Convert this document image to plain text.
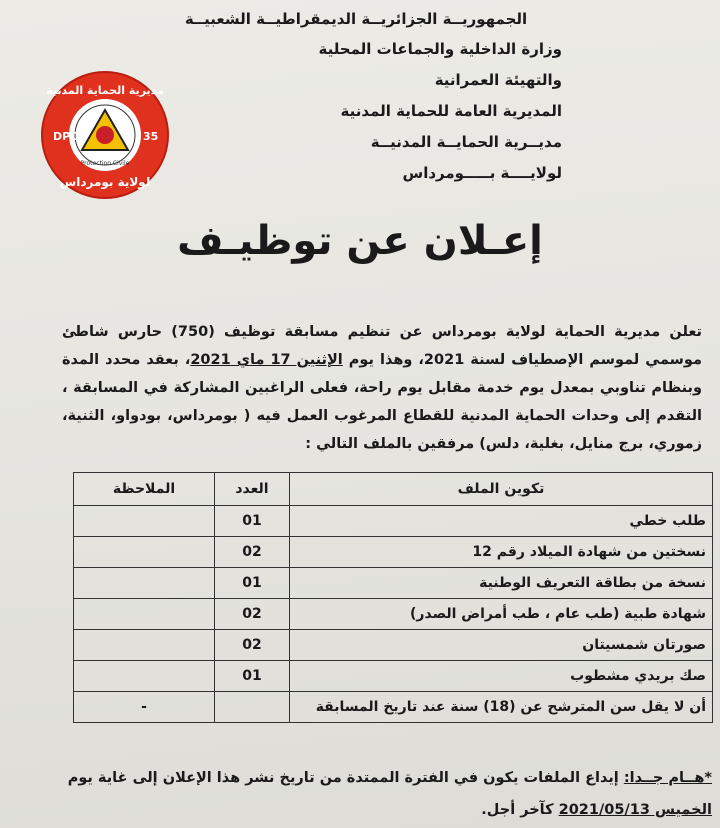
الجمهوريــة الجزائريــة الديمقراطيــة الشعبيــة
وزارة الداخلية والجماعات المحلية
والتهيئة العمرانية
المديرية العامة للحماية المدنية
مديــرية الحمايــة المدنيــة
لولايــــة بـــــومرداس
Protection Civile
DPC	35
مديرية الحماية المدنية
لولاية بومرداس
إعـلان عن توظيـف
تعلن مديرية الحماية لولاية بومرداس عن تنظيم مسابقة توظيف (750) حارس شاطئ موسمي لموسم الإصطياف لسنة 2021، وهذا يوم الإثنين 17 ماي 2021، بعقد محدد المدة وبنظام تناوبي بمعدل يوم خدمة مقابل يوم راحة، فعلى الراغبين المشاركة في المسابقة ، التقدم إلى وحدات الحماية المدنية للقطاع المرغوب العمل فيه ( بومرداس، بودواو، الثنية، زموري، برج منايل، بغلية، دلس) مرفقين بالملف التالي :
تكوين الملف	العدد	الملاحظة
طلب خطي	01	
نسختين من شهادة الميلاد رقم 12	02	
نسخة من بطاقة التعريف الوطنية	01	
شهادة طبية (طب عام ، طب أمراض الصدر)	02	
صورتان شمسيتان	02	
صك بريدي مشطوب	01	
أن لا يقل سن المترشح عن (18) سنة عند تاريخ المسابقة		-
*هــام جــدا: إيداع الملفات يكون في الفترة الممتدة من تاريخ نشر هذا الإعلان إلى غاية يوم
الخميس 2021/05/13 كآخر أجل.
